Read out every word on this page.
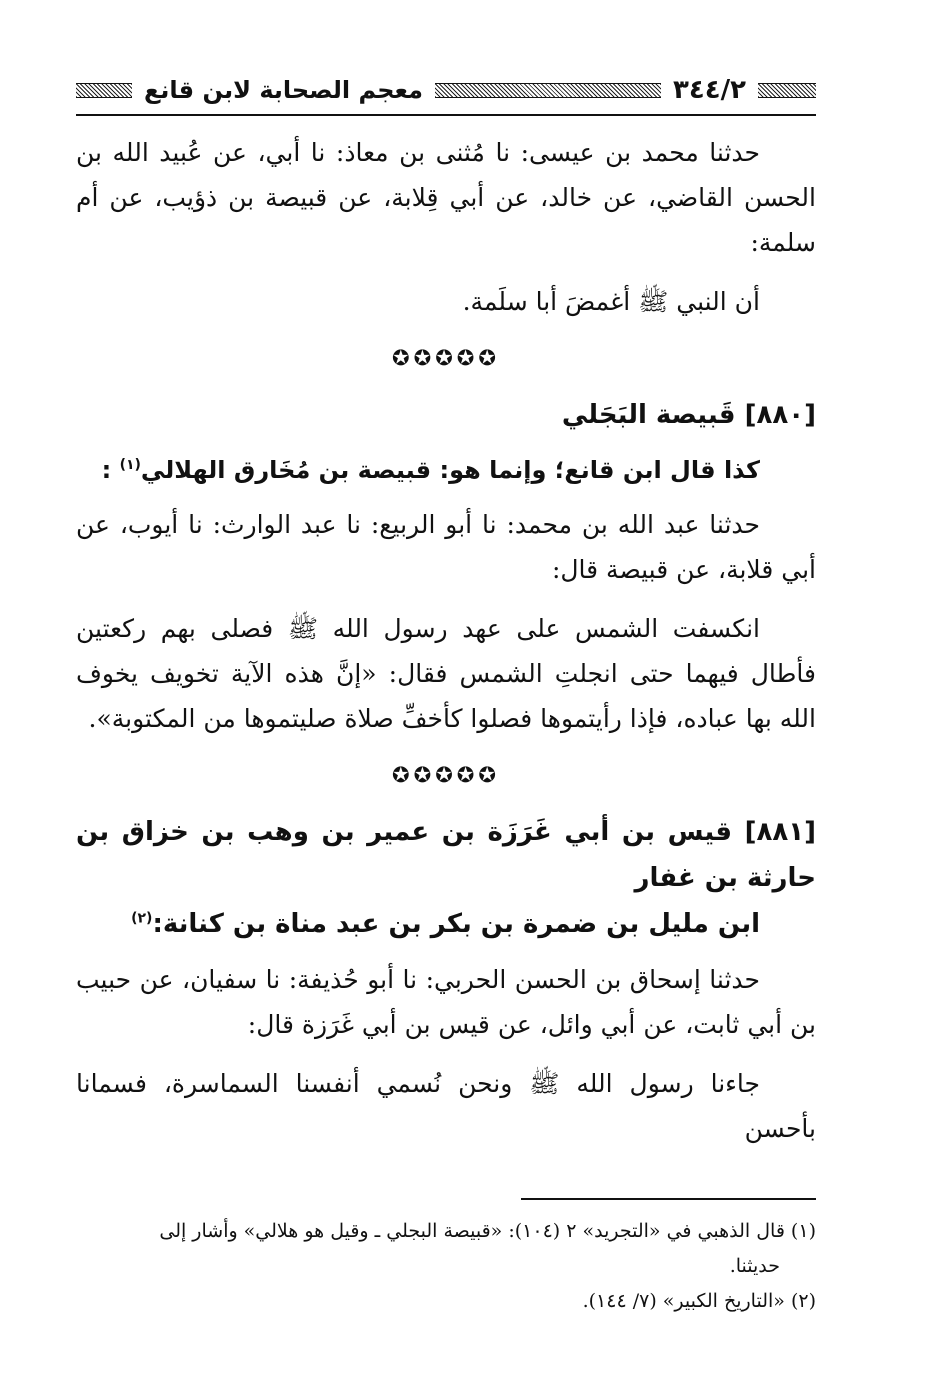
٣٤٤/٢
معجم الصحابة لابن قانع

حدثنا محمد بن عيسى: نا مُثنى بن معاذ: نا أبي، عن عُبيد الله بن الحسن القاضي، عن خالد، عن أبي قِلابة، عن قبيصة بن ذؤيب، عن أم سلمة:

أن النبي ﷺ أغمضَ أبا سلَمة.

✪✪✪✪✪
[٨٨٠] قَبيصة البَجَلي
كذا قال ابن قانع؛ وإنما هو: قبيصة بن مُخَارق الهلالي$^{(١)}$ :

حدثنا عبد الله بن محمد: نا أبو الربيع: نا عبد الوارث: نا أيوب، عن أبي قلابة، عن قبيصة قال:

انكسفت الشمس على عهد رسول الله ﷺ فصلى بهم ركعتين فأطال فيهما حتى انجلتِ الشمس فقال: «إنَّ هذه الآية تخويف يخوف الله بها عباده، فإذا رأيتموها فصلوا كأخفِّ صلاة صليتموها من المكتوبة».

✪✪✪✪✪
[٨٨١] قيس بن أبي غَرَزَة بن عمير بن وهب بن خزاق بن حارثة بن غفار
ابن مليل بن ضمرة بن بكر بن عبد مناة بن كنانة:$^{(٢)}$

حدثنا إسحاق بن الحسن الحربي: نا أبو حُذيفة: نا سفيان، عن حبيب بن أبي ثابت، عن أبي وائل، عن قيس بن أبي غَرَزة قال:

جاءنا رسول الله ﷺ ونحن نُسمي أنفسنا السماسرة، فسمانا بأحسن

(١) قال الذهبي في «التجريد» ٢ (١٠٤): «قبيصة البجلي ـ وقيل هو هلالي» وأشار إلى

حديثنا.

(٢) «التاريخ الكبير» (٧/ ١٤٤).
